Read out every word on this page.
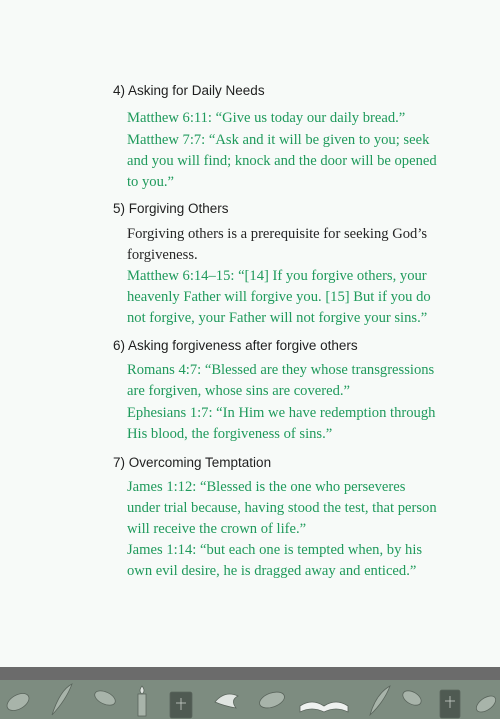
4) Asking for Daily Needs
Matthew 6:11: “Give us today our daily bread.”
Matthew 7:7: “Ask and it will be given to you; seek and you will find; knock and the door will be opened to you.”
5) Forgiving Others
Forgiving others is a prerequisite for seeking God’s forgiveness.
Matthew 6:14–15: “[14] If you forgive others, your heavenly Father will forgive you. [15] But if you do not forgive, your Father will not forgive your sins.”
6) Asking forgiveness after forgive others
Romans 4:7: “Blessed are they whose transgressions are forgiven, whose sins are covered.”
Ephesians 1:7: “In Him we have redemption through His blood, the forgiveness of sins.”
7) Overcoming Temptation
James 1:12: “Blessed is the one who perseveres under trial because, having stood the test, that person will receive the crown of life.”
James 1:14: “but each one is tempted when, by his own evil desire, he is dragged away and enticed.”
